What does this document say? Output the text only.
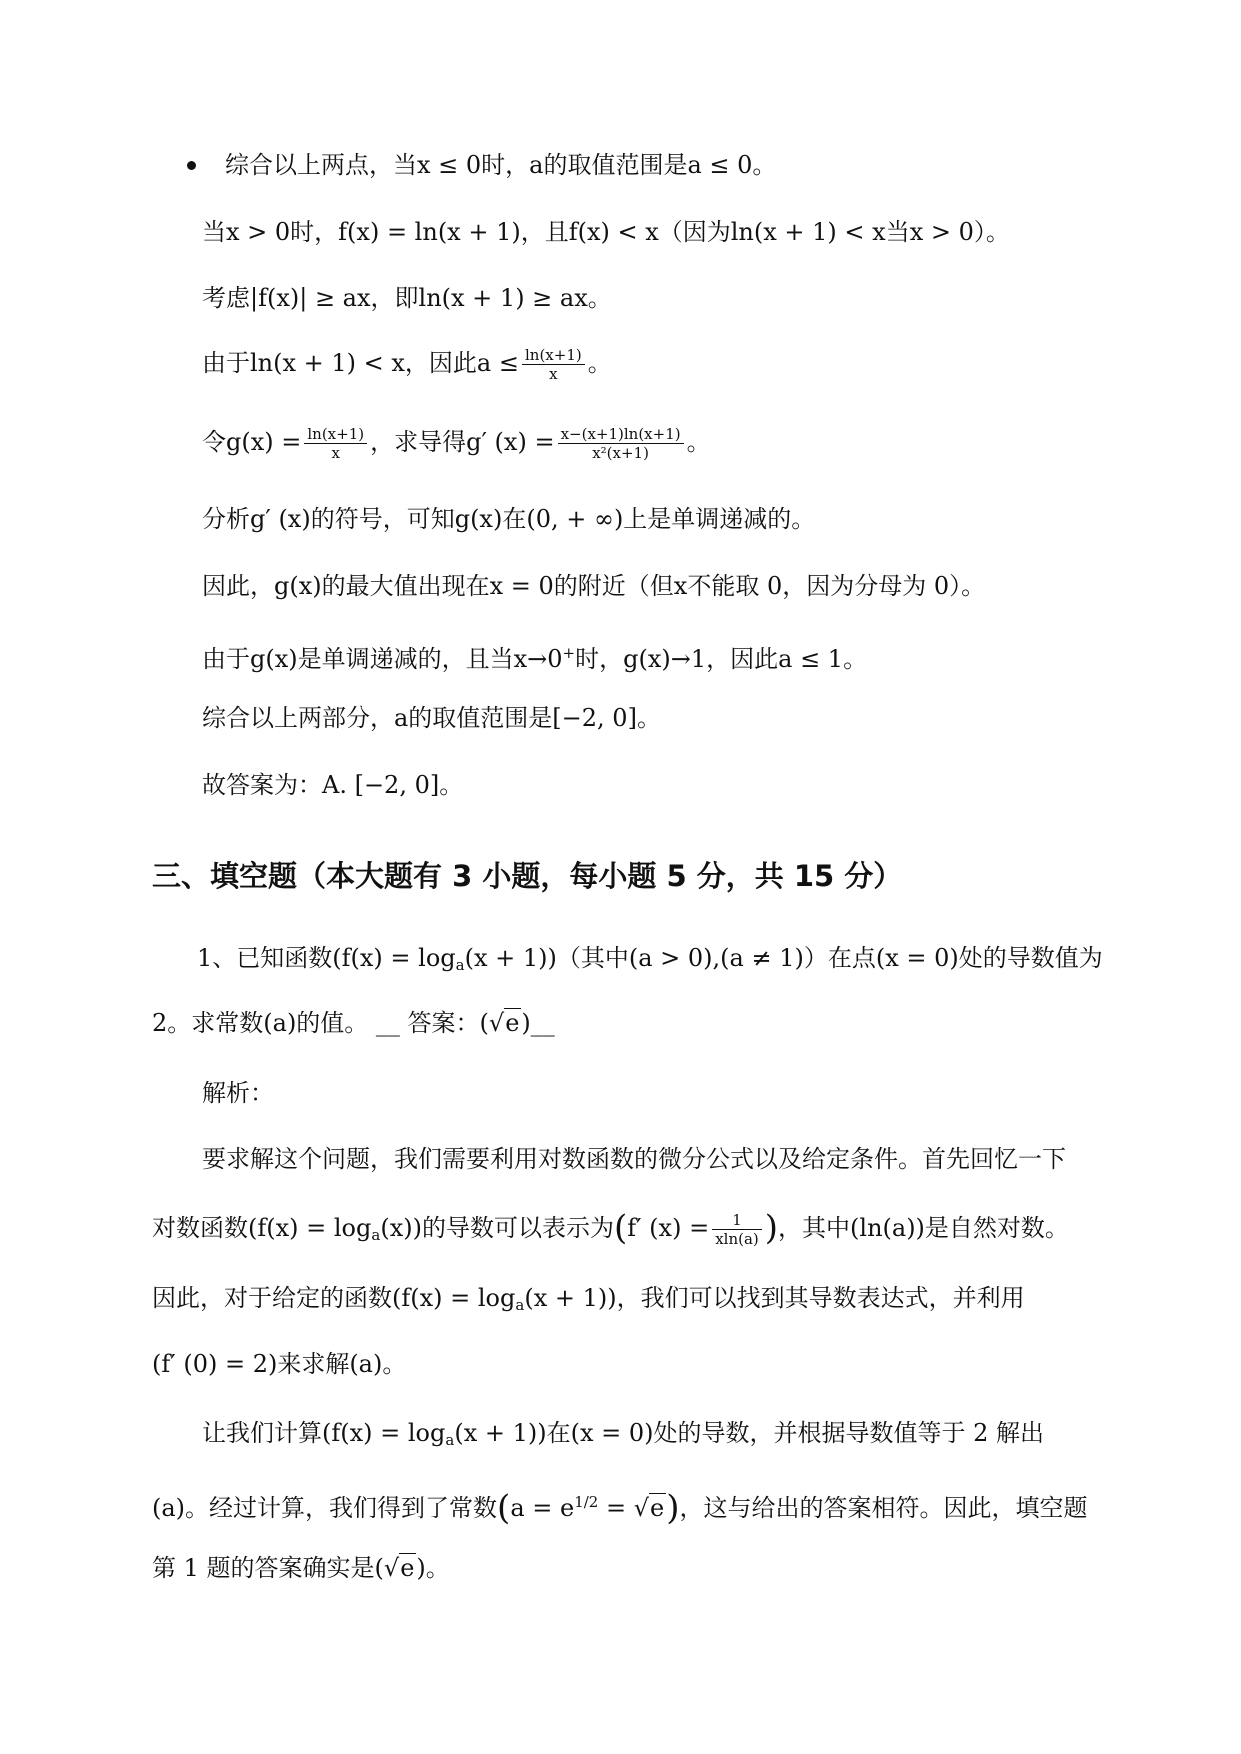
综合以上两点，当x ≤ 0时，a的取值范围是a ≤ 0。
当x > 0时，f(x) = ln(x + 1)，且f(x) < x（因为ln(x + 1) < x当x > 0）。
考虑|f(x)| ≥ ax，即ln(x + 1) ≥ ax。
由于ln(x + 1) < x，因此$a \le \frac{\ln(x+1)}{x}$ 。
令$g(x) = \frac{\ln(x+1)}{x}$ ，求导得g′ $(x) = \frac{x-(x+1)\ln(x+1)}{\text{x²(x+1)}}$ 。
分析g′ (x)的符号，可知g(x)在(0, + ∞)上是单调递减的。
因此，g(x)的最大值出现在x = 0的附近（但x不能取 0，因为分母为 0）。
由于g(x)是单调递减的，且当x→0+时，g(x)→1，因此a ≤ 1。
综合以上两部分，a的取值范围是[−2, 0]。
故答案为：A. [−2, 0]。
三、填空题（本大题有 3 小题，每小题 5 分，共 15 分）
1、已知函数$(f(x) = \log_a(x + 1))$（其中(a > 0),(a ≠ 1)）在点(x = 0)处的导数值为
2。求常数(a)的值。 __ 答案：(√e)__
解析：
要求解这个问题，我们需要利用对数函数的微分公式以及给定条件。首先回忆一下
对数函数$(f(x) = \log_a(x))$的导数可以表示为(f′ $(x) = \frac{1}{xln(a)}$ )，其中(ln(a))是自然对数。
因此，对于给定的函数$(f(x) = \log_a(x + 1))$，我们可以找到其导数表达式，并利用
(f′ (0) = 2)来求解(a)。
让我们计算$(f(x) = \log_a(x + 1))$在(x = 0)处的导数，并根据导数值等于 2 解出
(a)。经过计算，我们得到了常数$(a = e^{1/2} = √e)$，这与给出的答案相符。因此，填空题
第 1 题的答案确实是(√e)。
